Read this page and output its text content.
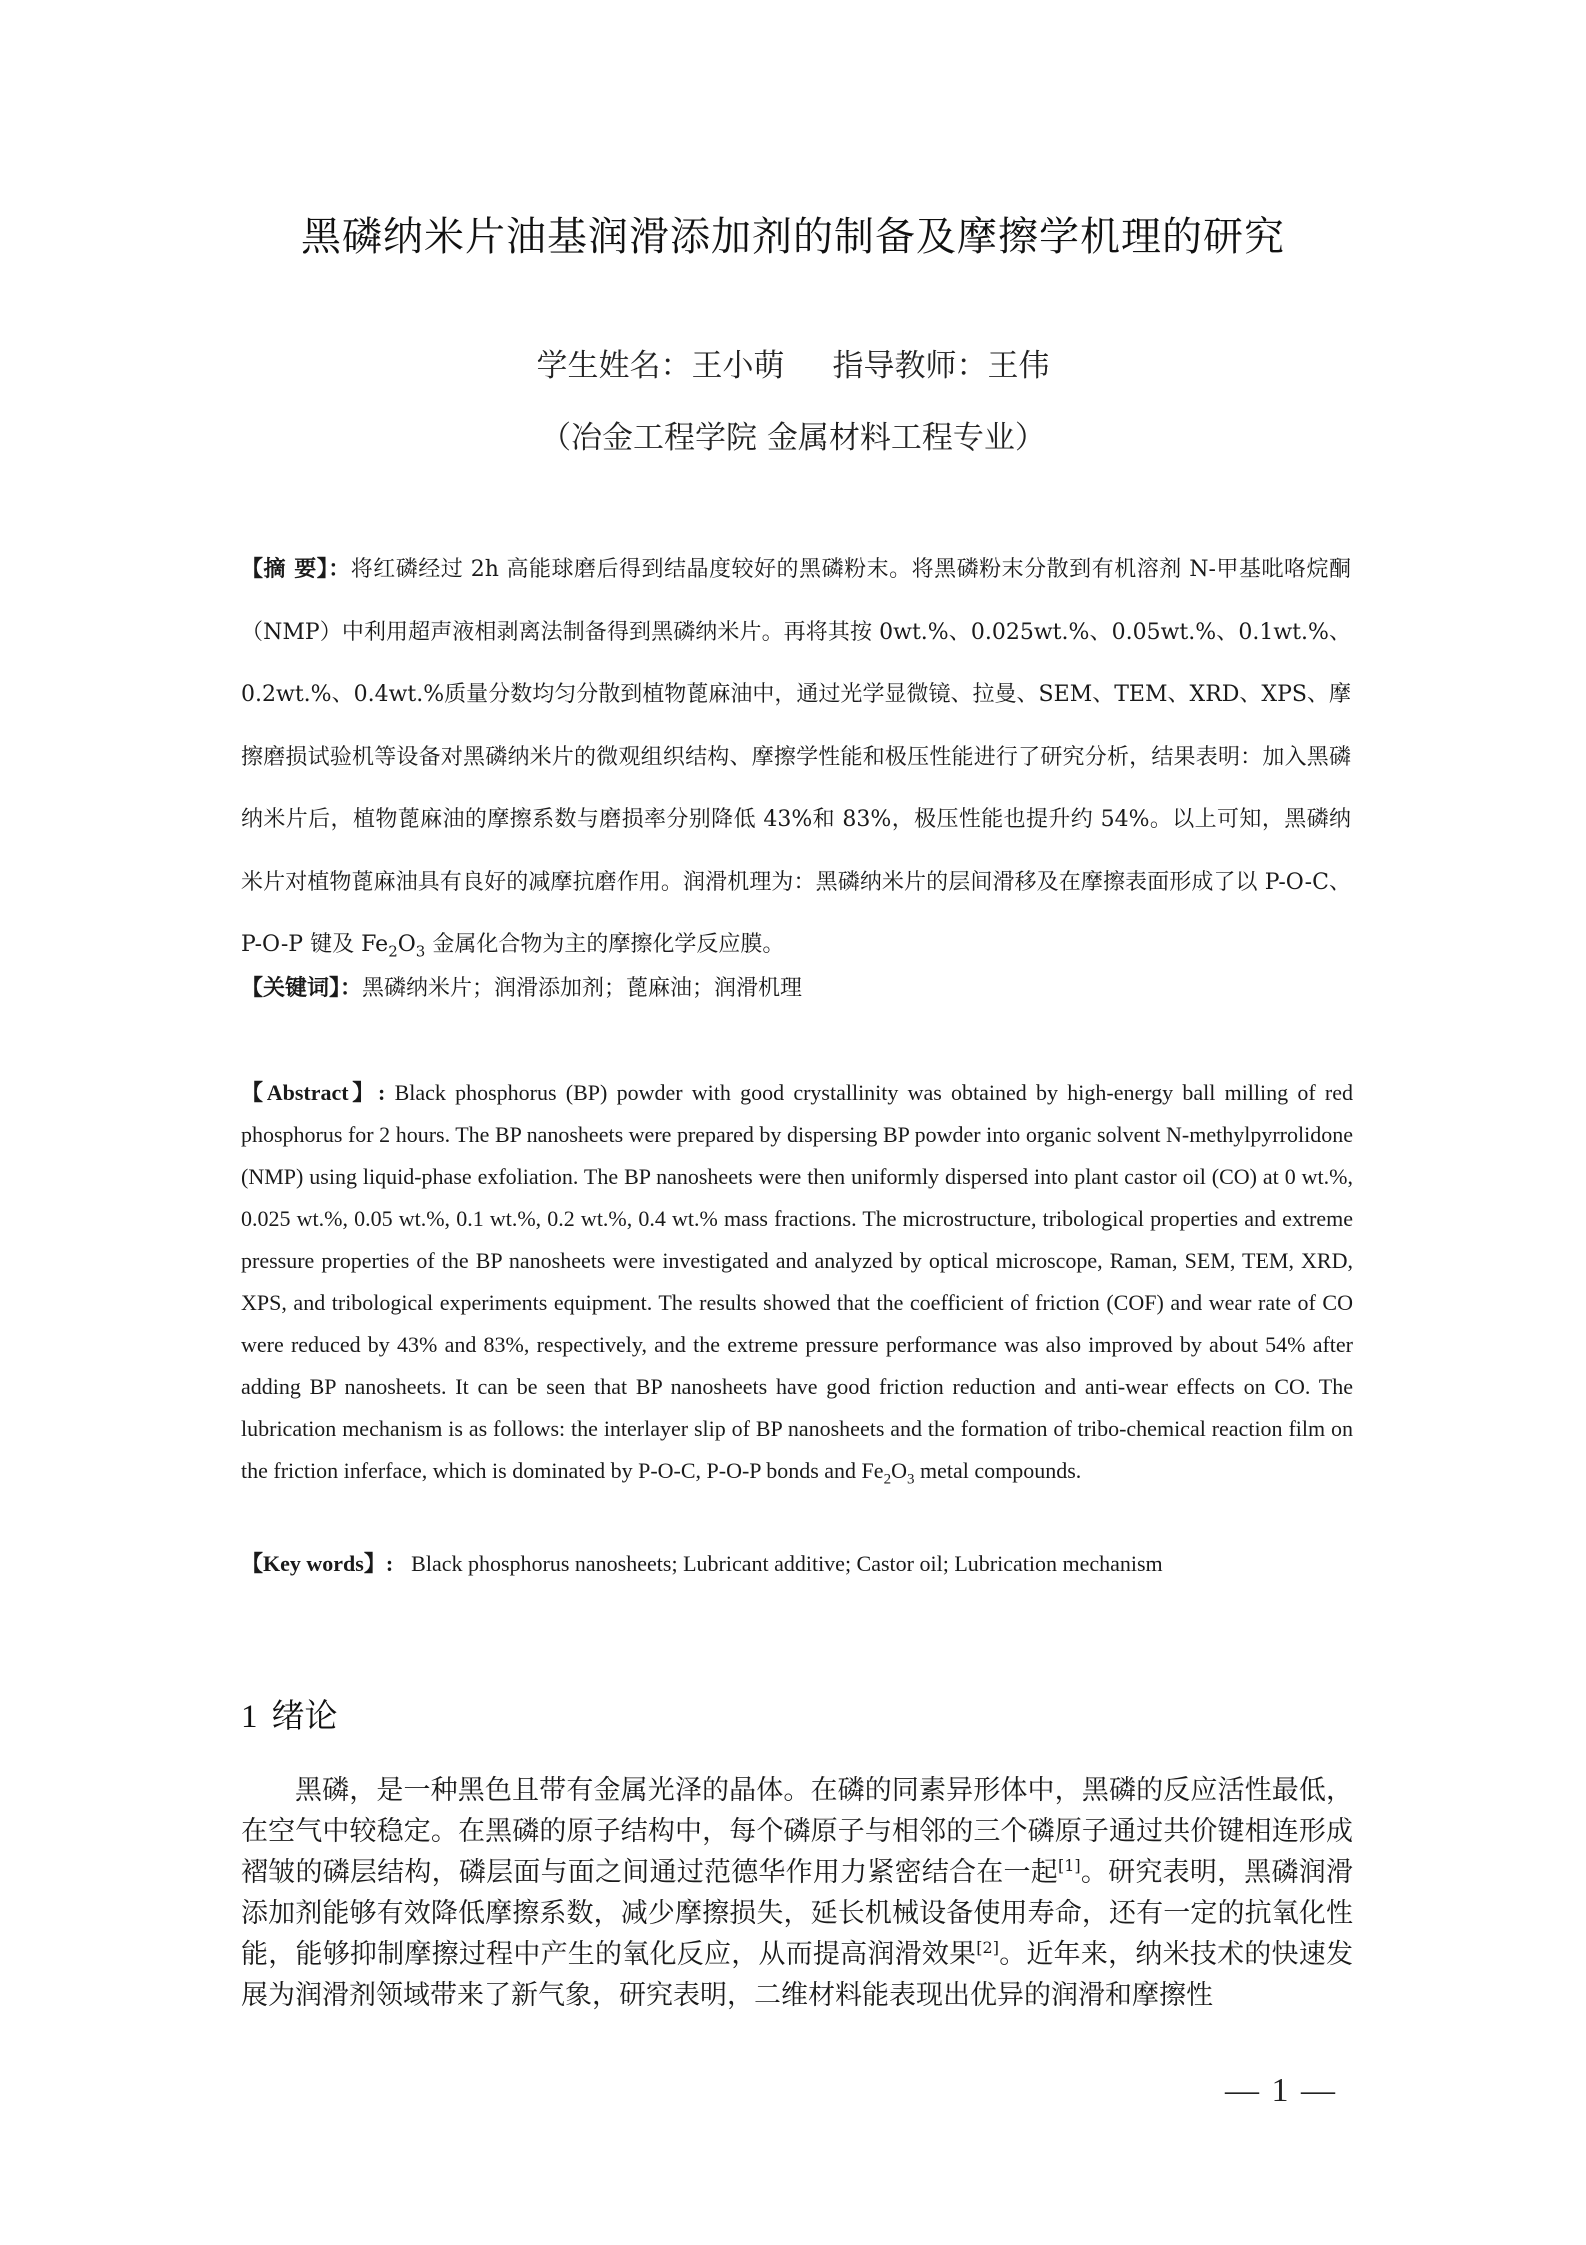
黑磷纳米片油基润滑添加剂的制备及摩擦学机理的研究
学生姓名：王小萌 指导教师：王伟
（冶金工程学院 金属材料工程专业）
【摘 要】：将红磷经过 2h 高能球磨后得到结晶度较好的黑磷粉末。将黑磷粉末分散到有机溶剂 N-甲基吡咯烷酮（NMP）中利用超声液相剥离法制备得到黑磷纳米片。再将其按 0wt.%、0.025wt.%、0.05wt.%、0.1wt.%、0.2wt.%、0.4wt.%质量分数均匀分散到植物蓖麻油中，通过光学显微镜、拉曼、SEM、TEM、XRD、XPS、摩擦磨损试验机等设备对黑磷纳米片的微观组织结构、摩擦学性能和极压性能进行了研究分析，结果表明：加入黑磷纳米片后，植物蓖麻油的摩擦系数与磨损率分别降低 43%和 83%，极压性能也提升约 54%。以上可知，黑磷纳米片对植物蓖麻油具有良好的减摩抗磨作用。润滑机理为：黑磷纳米片的层间滑移及在摩擦表面形成了以 P-O-C、P-O-P 键及 $Fe_2O_3$ 金属化合物为主的摩擦化学反应膜。
【关键词】：黑磷纳米片；润滑添加剂；蓖麻油；润滑机理
【Abstract】: Black phosphorus (BP) powder with good crystallinity was obtained by high-energy ball milling of red phosphorus for 2 hours. The BP nanosheets were prepared by dispersing BP powder into organic solvent N-methylpyrrolidone (NMP) using liquid-phase exfoliation. The BP nanosheets were then uniformly dispersed into plant castor oil (CO) at 0 wt.%, 0.025 wt.%, 0.05 wt.%, 0.1 wt.%, 0.2 wt.%, 0.4 wt.% mass fractions. The microstructure, tribological properties and extreme pressure properties of the BP nanosheets were investigated and analyzed by optical microscope, Raman, SEM, TEM, XRD, XPS, and tribological experiments equipment. The results showed that the coefficient of friction (COF) and wear rate of CO were reduced by 43% and 83%, respectively, and the extreme pressure performance was also improved by about 54% after adding BP nanosheets. It can be seen that BP nanosheets have good friction reduction and anti-wear effects on CO. The lubrication mechanism is as follows: the interlayer slip of BP nanosheets and the formation of tribo-chemical reaction film on the friction inferface, which is dominated by P-O-C, P-O-P bonds and $Fe_2O_3$ metal compounds.
【Key words】: Black phosphorus nanosheets; Lubricant additive; Castor oil; Lubrication mechanism
1 绪论
黑磷，是一种黑色且带有金属光泽的晶体。在磷的同素异形体中，黑磷的反应活性最低，在空气中较稳定。在黑磷的原子结构中，每个磷原子与相邻的三个磷原子通过共价键相连形成褶皱的磷层结构，磷层面与面之间通过范德华作用力紧密结合在一起[1]。研究表明，黑磷润滑添加剂能够有效降低摩擦系数，减少摩擦损失，延长机械设备使用寿命，还有一定的抗氧化性能，能够抑制摩擦过程中产生的氧化反应，从而提高润滑效果[2]。近年来，纳米技术的快速发展为润滑剂领域带来了新气象，研究表明，二维材料能表现出优异的润滑和摩擦性
— 1 —
